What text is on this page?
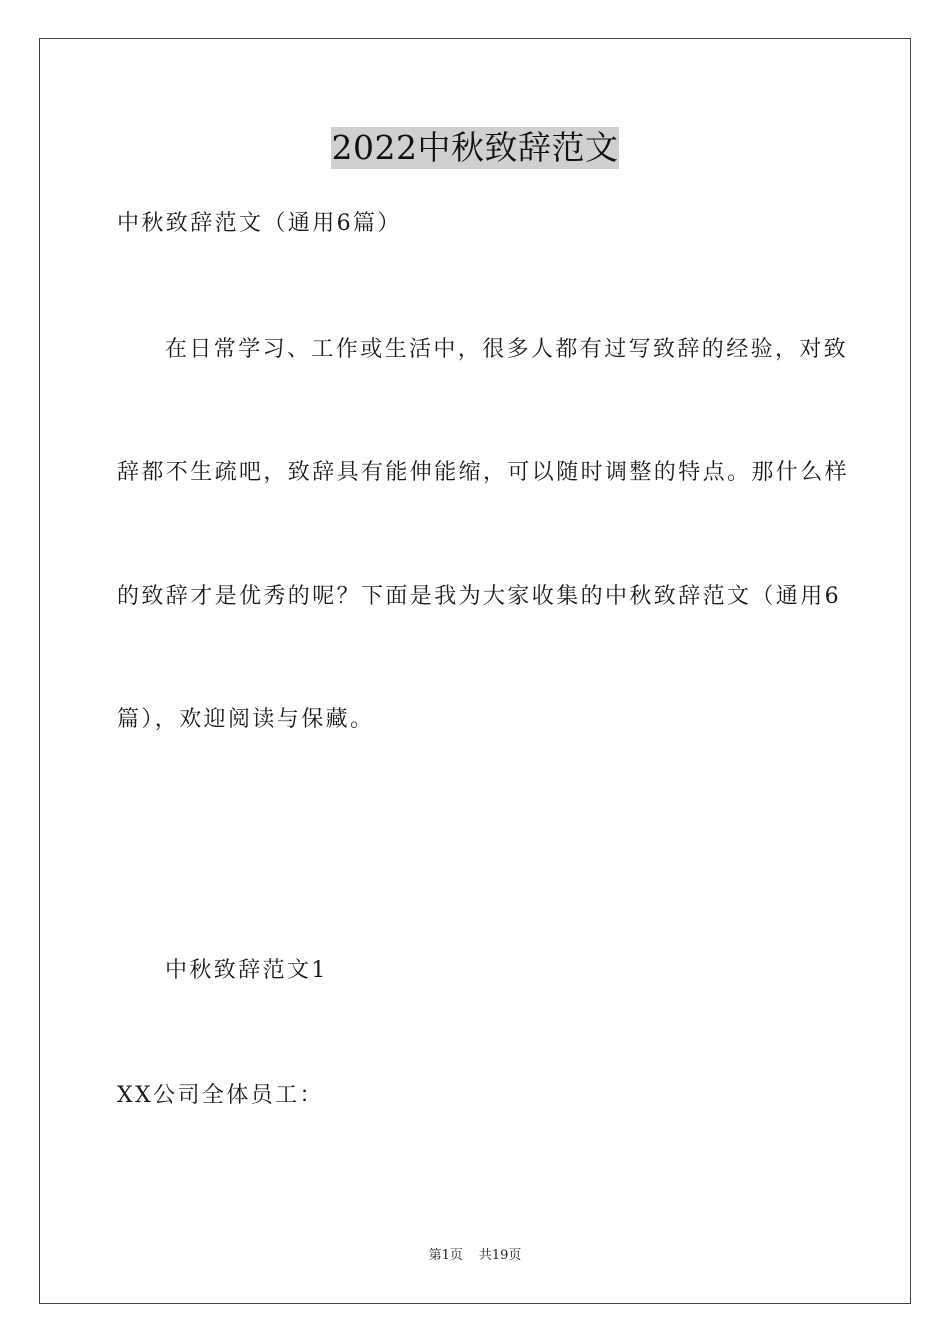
2022中秋致辞范文
中秋致辞范文（通用6篇）
在日常学习、工作或生活中，很多人都有过写致辞的经验，对致
辞都不生疏吧，致辞具有能伸能缩，可以随时调整的特点。那什么样
的致辞才是优秀的呢？下面是我为大家收集的中秋致辞范文（通用6
篇），欢迎阅读与保藏。
中秋致辞范文1
XX公司全体员工：
第1页 共19页
